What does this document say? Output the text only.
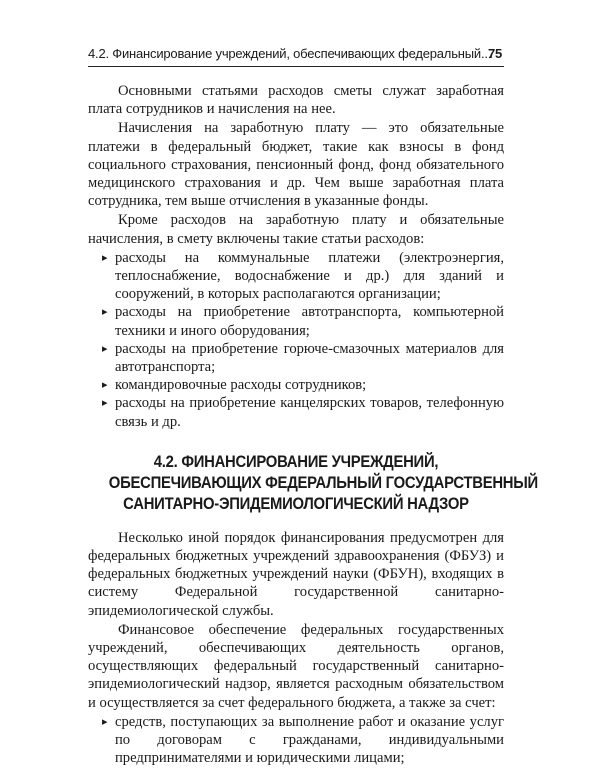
4.2. Финансирование учреждений, обеспечивающих федеральный...
75

Основными статьями расходов сметы служат заработная плата сотрудников и начисления на нее.

Начисления на заработную плату — это обязательные платежи в федеральный бюджет, такие как взносы в фонд социального страхования, пенсионный фонд, фонд обязательного медицинского страхования и др. Чем выше заработная плата сотрудника, тем выше отчисления в указанные фонды.

Кроме расходов на заработную плату и обязательные начисления, в смету включены такие статьи расходов:

▸ расходы на коммунальные платежи (электроэнергия, теплоснабжение, водоснабжение и др.) для зданий и сооружений, в которых располагаются организации;
▸ расходы на приобретение автотранспорта, компьютерной техники и иного оборудования;
▸ расходы на приобретение горюче-смазочных материалов для автотранспорта;
▸ командировочные расходы сотрудников;
▸ расходы на приобретение канцелярских товаров, телефонную связь и др.
4.2. ФИНАНСИРОВАНИЕ УЧРЕЖДЕНИЙ,
ОБЕСПЕЧИВАЮЩИХ ФЕДЕРАЛЬНЫЙ ГОСУДАРСТВЕННЫЙ
САНИТАРНО-ЭПИДЕМИОЛОГИЧЕСКИЙ НАДЗОР

Несколько иной порядок финансирования предусмотрен для федеральных бюджетных учреждений здравоохранения (ФБУЗ) и федеральных бюджетных учреждений науки (ФБУН), входящих в систему Федеральной государственной санитарно-эпидемиологической службы.

Финансовое обеспечение федеральных государственных учреждений, обеспечивающих деятельность органов, осуществляющих федеральный государственный санитарно-эпидемиологический надзор, является расходным обязательством и осуществляется за счет федерального бюджета, а также за счет:

▸ средств, поступающих за выполнение работ и оказание услуг по договорам с гражданами, индивидуальными предпринимателями и юридическими лицами;
